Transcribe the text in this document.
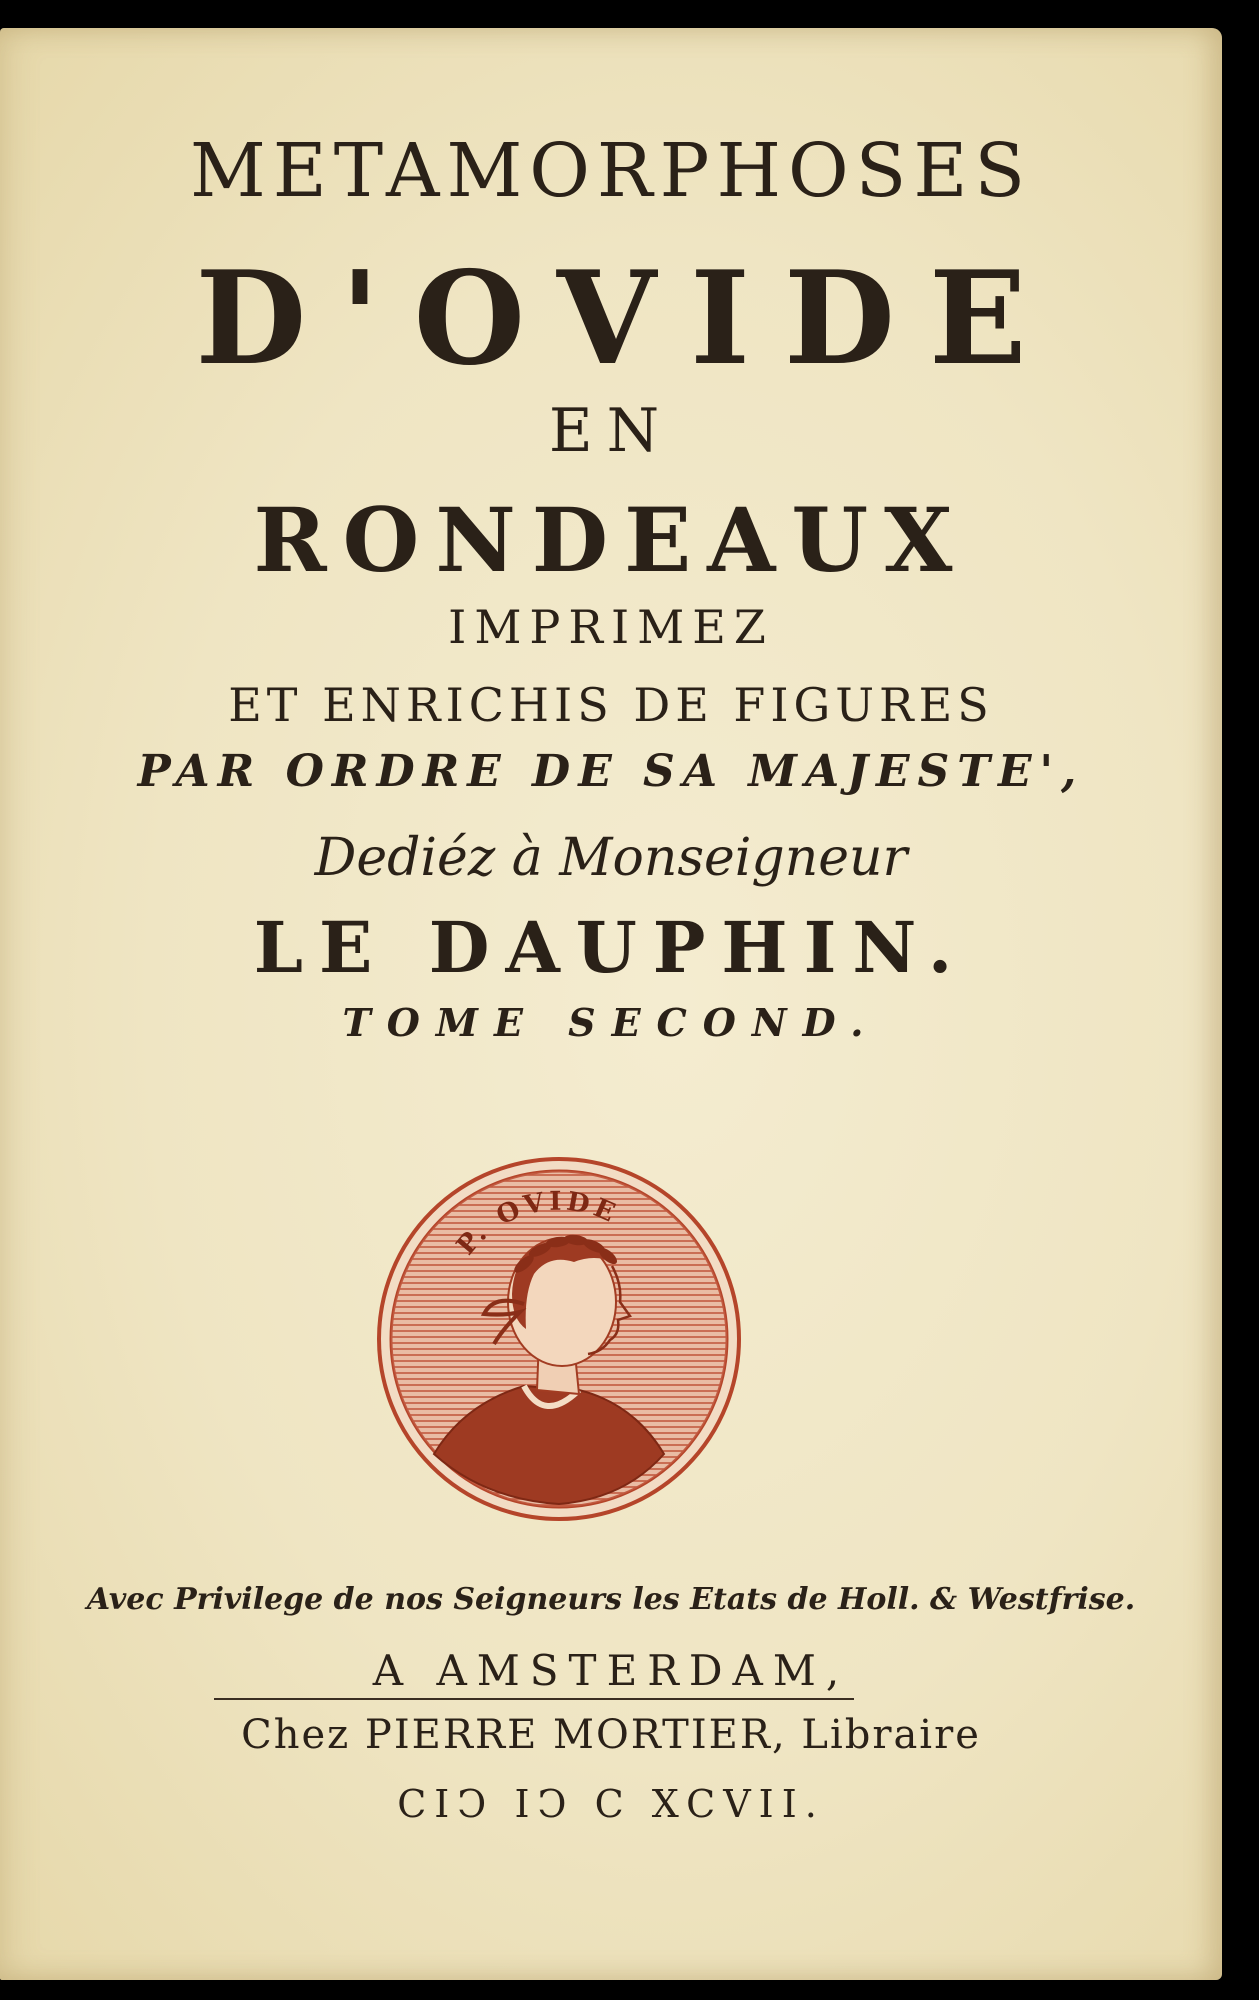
METAMORPHOSES
D'OVIDE
EN
RONDEAUX
IMPRIMEZ
ET ENRICHIS DE FIGURES
PAR ORDRE DE SA MAJESTE',
Dediéz à Monseigneur
LE DAUPHIN.
TOME SECOND.
P. OVIDE
Avec Privilege de nos Seigneurs les Etats de Holl. & Westfrise.
A AMSTERDAM,
Chez PIERRE MORTIER, Libraire
CIↃ IↃ C XCVII.
